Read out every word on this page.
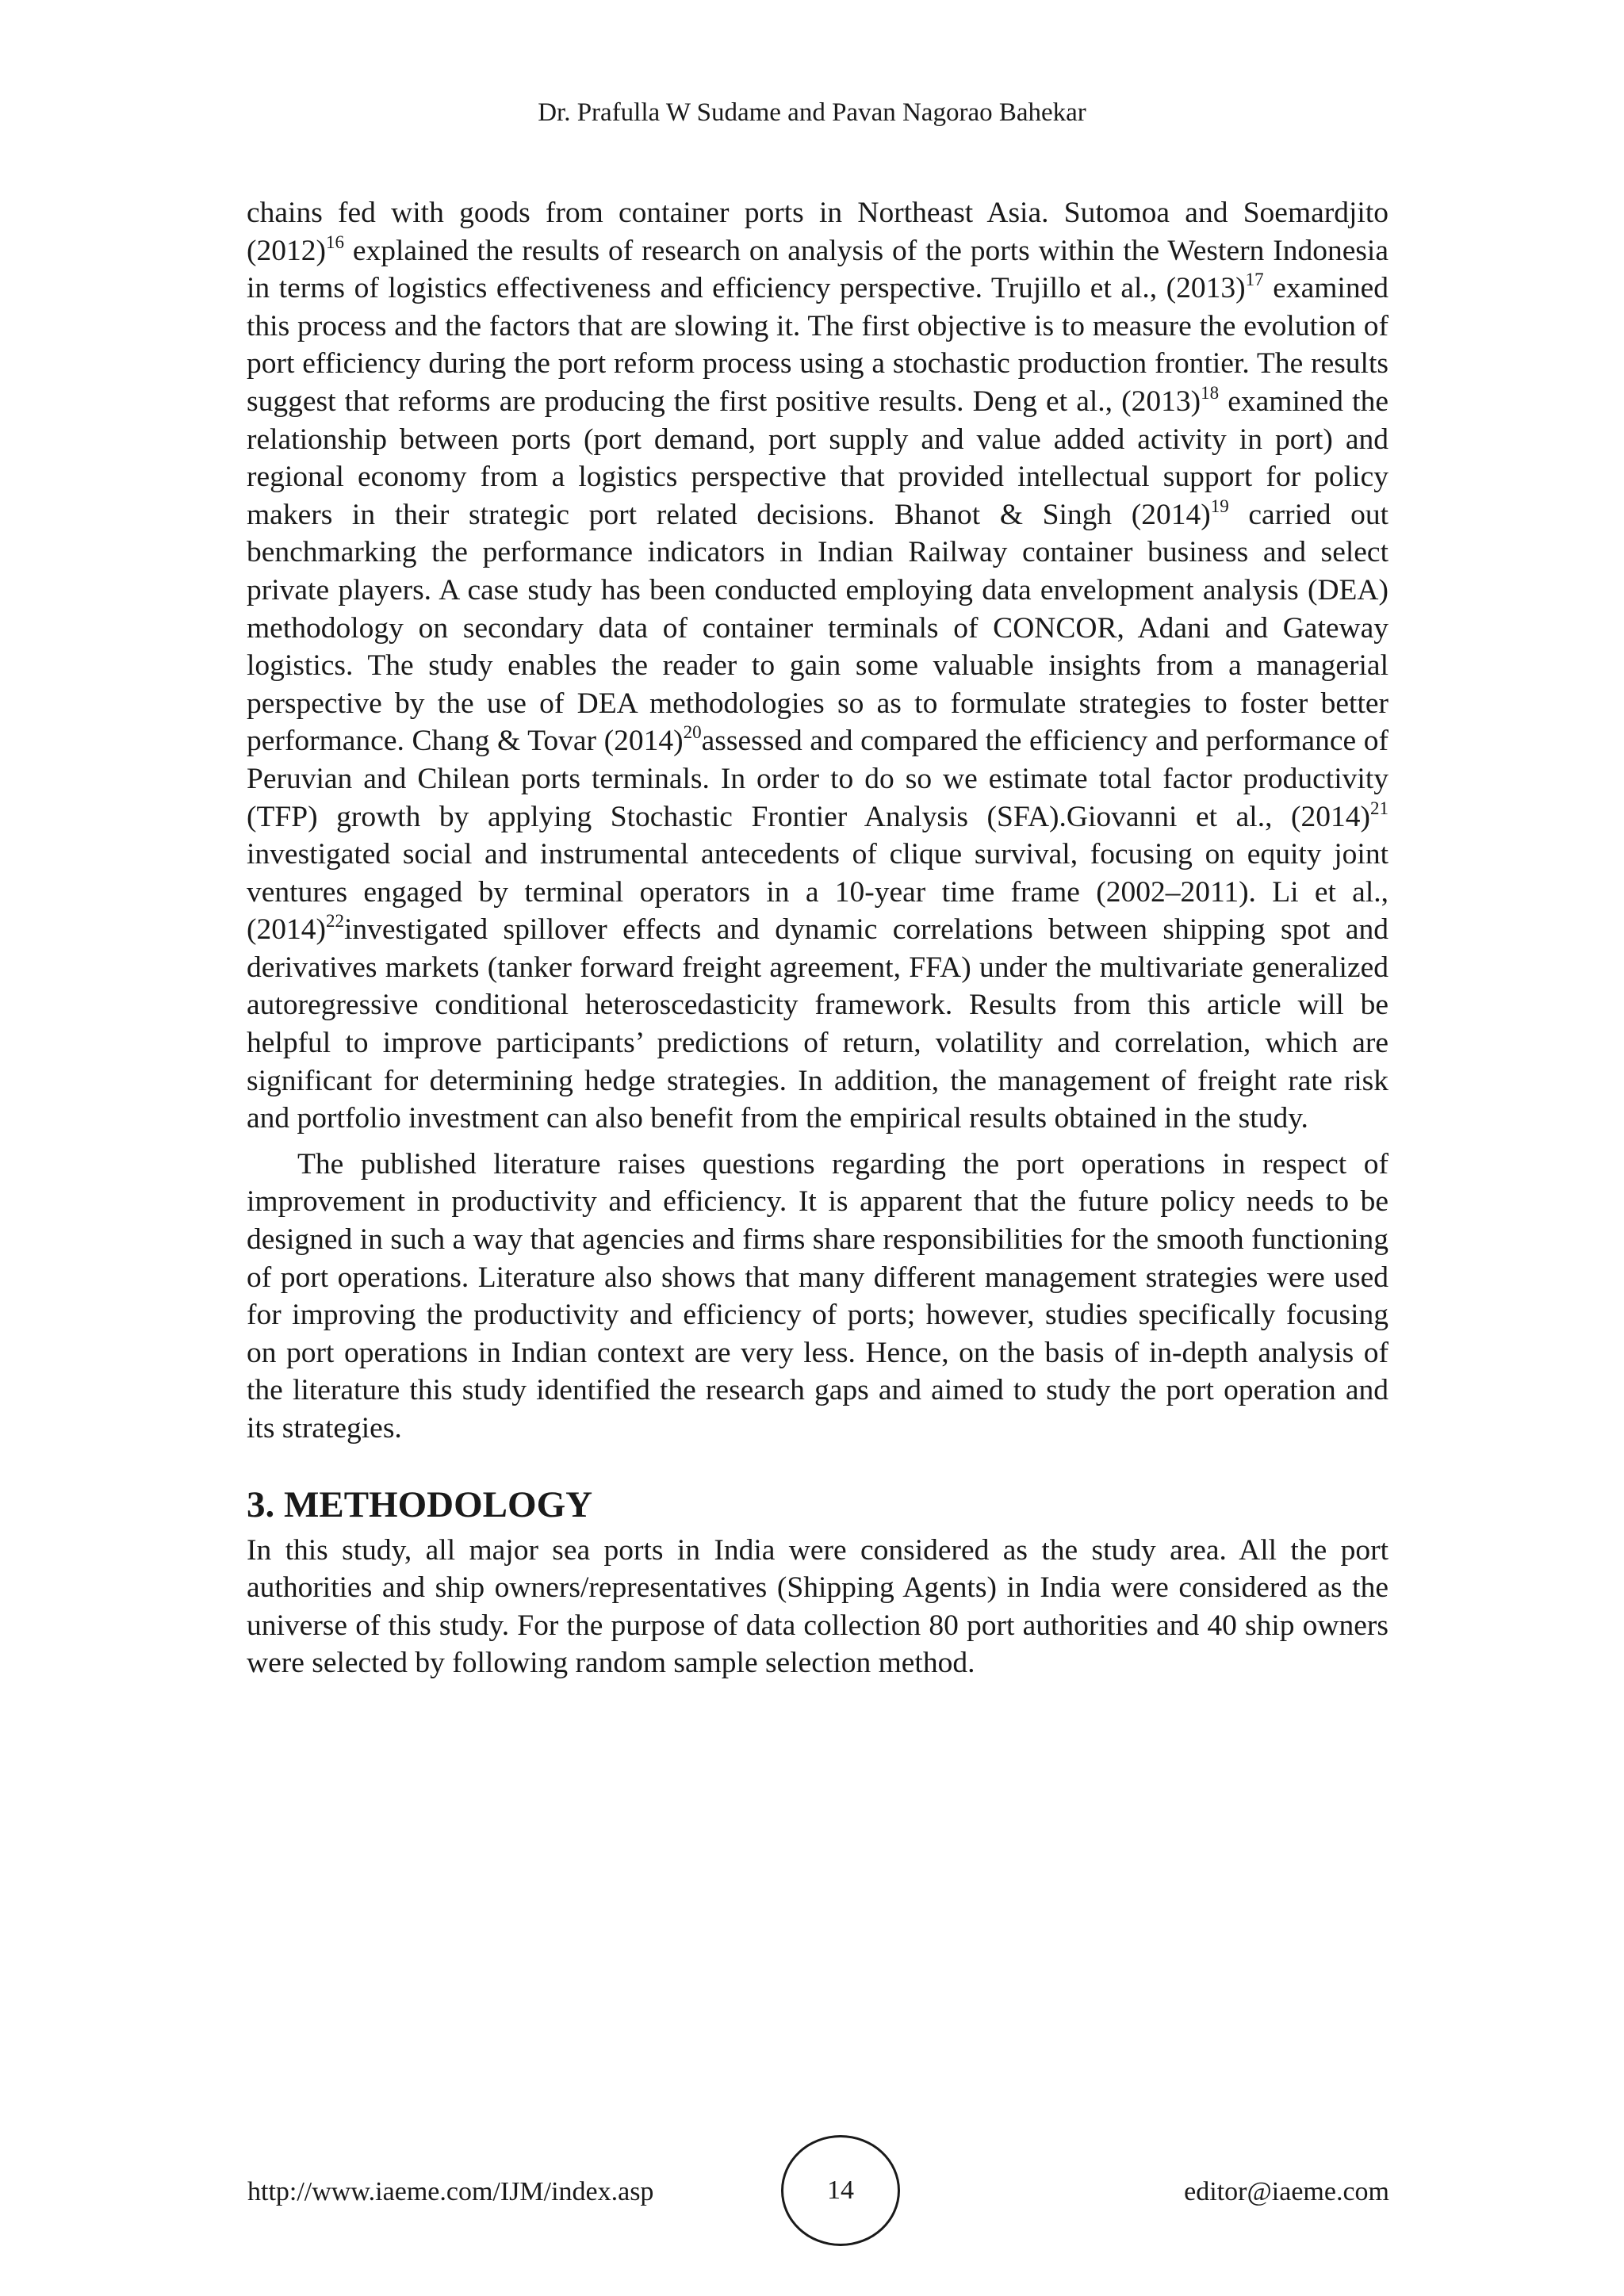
Dr. Prafulla W Sudame and Pavan Nagorao Bahekar

chains fed with goods from container ports in Northeast Asia. Sutomoa and Soemardjito $(2012)^{16}$ explained the results of research on analysis of the ports within the Western Indonesia in terms of logistics effectiveness and efficiency perspective. Trujillo et al., $(2013)^{17}$ examined this process and the factors that are slowing it. The first objective is to measure the evolution of port efficiency during the port reform process using a stochastic production frontier. The results suggest that reforms are producing the first positive results. Deng et al., $(2013)^{18}$ examined the relationship between ports (port demand, port supply and value added activity in port) and regional economy from a logistics perspective that provided intellectual support for policy makers in their strategic port related decisions. Bhanot & Singh $(2014)^{19}$ carried out benchmarking the performance indicators in Indian Railway container business and select private players. A case study has been conducted employing data envelopment analysis (DEA) methodology on secondary data of container terminals of CONCOR, Adani and Gateway logistics. The study enables the reader to gain some valuable insights from a managerial perspective by the use of DEA methodologies so as to formulate strategies to foster better performance. Chang & Tovar $(2014)^{20}assessed$ and compared the efficiency and performance of Peruvian and Chilean ports terminals. In order to do so we estimate total factor productivity (TFP) growth by applying Stochastic Frontier Analysis (SFA).Giovanni et al., $(2014)^{21}$ investigated social and instrumental antecedents of clique survival, focusing on equity joint ventures engaged by terminal operators in a 10-year time frame (2002–2011). Li et al., $(2014)^{22}investigated$ spillover effects and dynamic correlations between shipping spot and derivatives markets (tanker forward freight agreement, FFA) under the multivariate generalized autoregressive conditional heteroscedasticity framework. Results from this article will be helpful to improve participants’ predictions of return, volatility and correlation, which are significant for determining hedge strategies. In addition, the management of freight rate risk and portfolio investment can also benefit from the empirical results obtained in the study.

The published literature raises questions regarding the port operations in respect of improvement in productivity and efficiency. It is apparent that the future policy needs to be designed in such a way that agencies and firms share responsibilities for the smooth functioning of port operations. Literature also shows that many different management strategies were used for improving the productivity and efficiency of ports; however, studies specifically focusing on port operations in Indian context are very less. Hence, on the basis of in-depth analysis of the literature this study identified the research gaps and aimed to study the port operation and its strategies.

3. METHODOLOGY

In this study, all major sea ports in India were considered as the study area. All the port authorities and ship owners/representatives (Shipping Agents) in India were considered as the universe of this study. For the purpose of data collection 80 port authorities and 40 ship owners were selected by following random sample selection method.

http://www.iaeme.com/IJM/index.asp	14	editor@iaeme.com
